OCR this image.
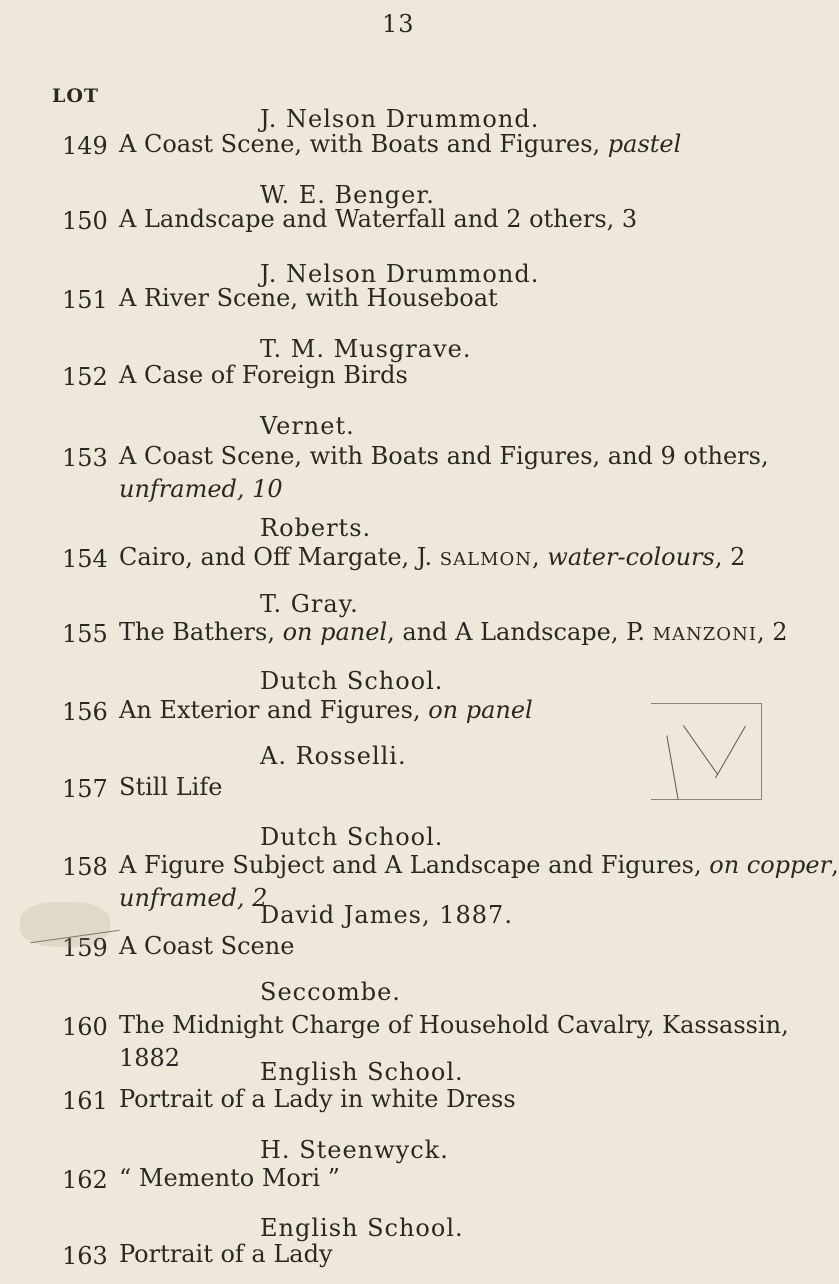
13
LOT
J. Nelson Drummond.
149 A Coast Scene, with Boats and Figures, pastel
W. E. Benger.
150 A Landscape and Waterfall and 2 others, 3
J. Nelson Drummond.
151 A River Scene, with Houseboat
T. M. Musgrave.
152 A Case of Foreign Birds
Vernet.
153 A Coast Scene, with Boats and Figures, and 9 others,
unframed, 10
Roberts.
154 Cairo, and Off Margate, J. SALMON, water-colours, 2
T. Gray.
155 The Bathers, on panel, and A Landscape, P. MANZONI, 2
Dutch School.
156 An Exterior and Figures, on panel
A. Rosselli.
157 Still Life
Dutch School.
158 A Figure Subject and A Landscape and Figures, on copper,
unframed, 2
David James, 1887.
159 A Coast Scene
Seccombe.
160 The Midnight Charge of Household Cavalry, Kassassin,
1882	English School.
161 Portrait of a Lady in white Dress
H. Steenwyck.
162 “ Memento Mori ”
English School.
163 Portrait of a Lady
